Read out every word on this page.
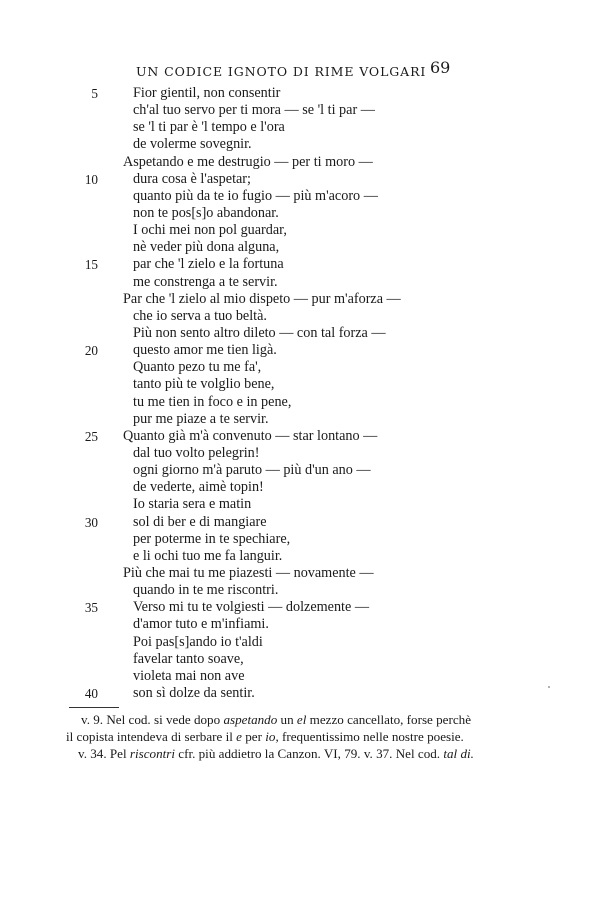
UN CODICE IGNOTO DI RIME VOLGARI 69
5 Fior gientil, non consentir
ch'al tuo servo per ti mora — se 'l ti par —
se 'l ti par è 'l tempo e l'ora
de volerme sovegnir.
Aspetando e me destrugio — per ti moro —
10 dura cosa è l'aspetar;
quanto più da te io fugio — più m'acoro —
non te pos[s]o abandonar.
I ochi mei non pol guardar,
nè veder più dona alguna,
15 par che 'l zielo e la fortuna
me constrenga a te servir.
Par che 'l zielo al mio dispeto — pur m'aforza —
che io serva a tuo beltà.
Più non sento altro dileto — con tal forza —
20 questo amor me tien ligà.
Quanto pezo tu me fa',
tanto più te volglio bene,
tu me tien in foco e in pene,
pur me piaze a te servir.
25 Quanto già m'à convenuto — star lontano —
dal tuo volto pelegrin!
ogni giorno m'à paruto — più d'un ano —
de vederte, aimè topin!
Io staria sera e matin
30 sol di ber e di mangiare
per poterme in te spechiare,
e li ochi tuo me fa languir.
Più che mai tu me piazesti — novamente —
quando in te me riscontri.
35 Verso mi tu te volgiesti — dolzemente —
d'amor tuto e m'infiami.
Poi pas[s]ando io t'aldi
favelar tanto soave,
violeta mai non ave
40 son sì dolze da sentir.
v. 9. Nel cod. si vede dopo aspetando un el mezzo cancellato, forse perchè
il copista intendeva di serbare il e per io, frequentissimo nelle nostre poesie.
v. 34. Pel riscontri cfr. più addietro la Canzon. VI, 79. v. 37. Nel cod. tal di.
